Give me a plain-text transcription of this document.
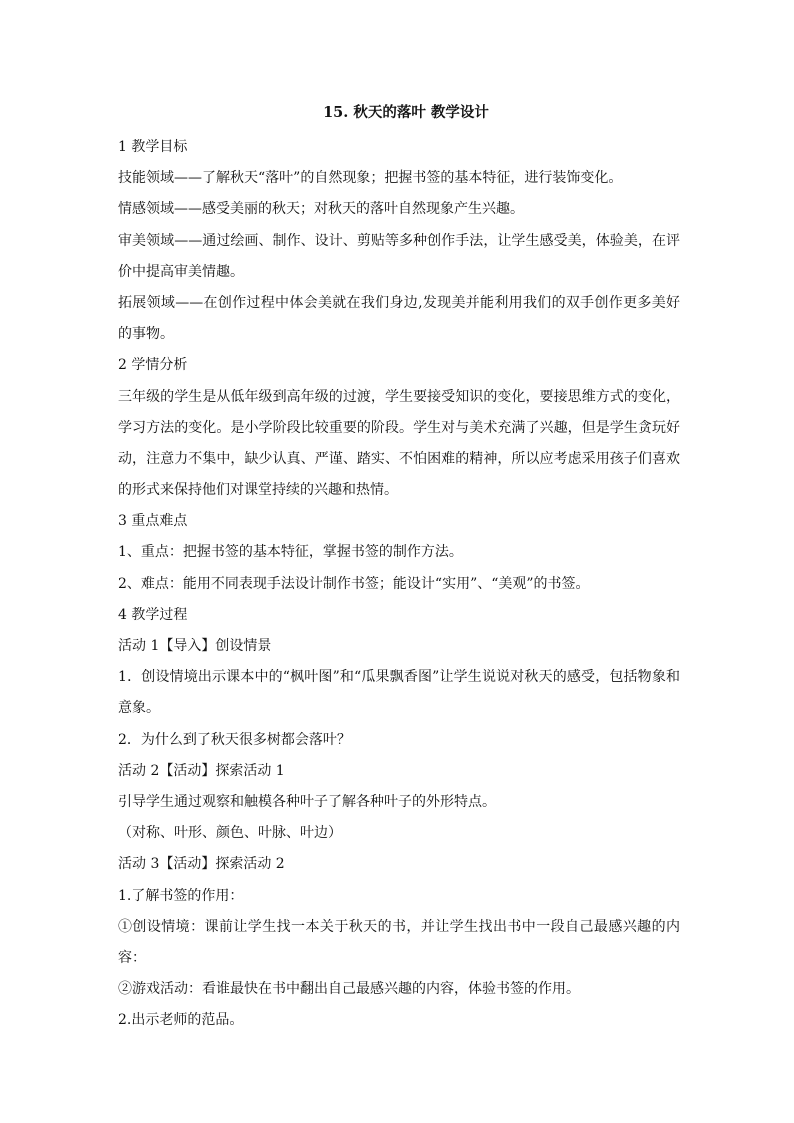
15. 秋天的落叶 教学设计
1 教学目标
技能领域——了解秋天“落叶”的自然现象；把握书签的基本特征，进行装饰变化。
情感领域——感受美丽的秋天；对秋天的落叶自然现象产生兴趣。
审美领域——通过绘画、制作、设计、剪贴等多种创作手法，让学生感受美，体验美，在评
价中提高审美情趣。
拓展领域——在创作过程中体会美就在我们身边,发现美并能利用我们的双手创作更多美好
的事物。
2 学情分析
三年级的学生是从低年级到高年级的过渡，学生要接受知识的变化，要接思维方式的变化，
学习方法的变化。是小学阶段比较重要的阶段。学生对与美术充满了兴趣，但是学生贪玩好
动，注意力不集中，缺少认真、严谨、踏实、不怕困难的精神，所以应考虑采用孩子们喜欢
的形式来保持他们对课堂持续的兴趣和热情。
3 重点难点
1、重点：把握书签的基本特征，掌握书签的制作方法。
2、难点：能用不同表现手法设计制作书签；能设计“实用”、“美观”的书签。
4 教学过程
活动 1【导入】创设情景
1．创设情境出示课本中的“枫叶图”和“瓜果飘香图”让学生说说对秋天的感受，包括物象和
意象。
2．为什么到了秋天很多树都会落叶？
活动 2【活动】探索活动 1
引导学生通过观察和触模各种叶子了解各种叶子的外形特点。
（对称、叶形、颜色、叶脉、叶边）
活动 3【活动】探索活动 2
1.了解书签的作用：
①创设情境：课前让学生找一本关于秋天的书，并让学生找出书中一段自己最感兴趣的内
容：
②游戏活动：看谁最快在书中翻出自己最感兴趣的内容，体验书签的作用。
2.出示老师的范品。
